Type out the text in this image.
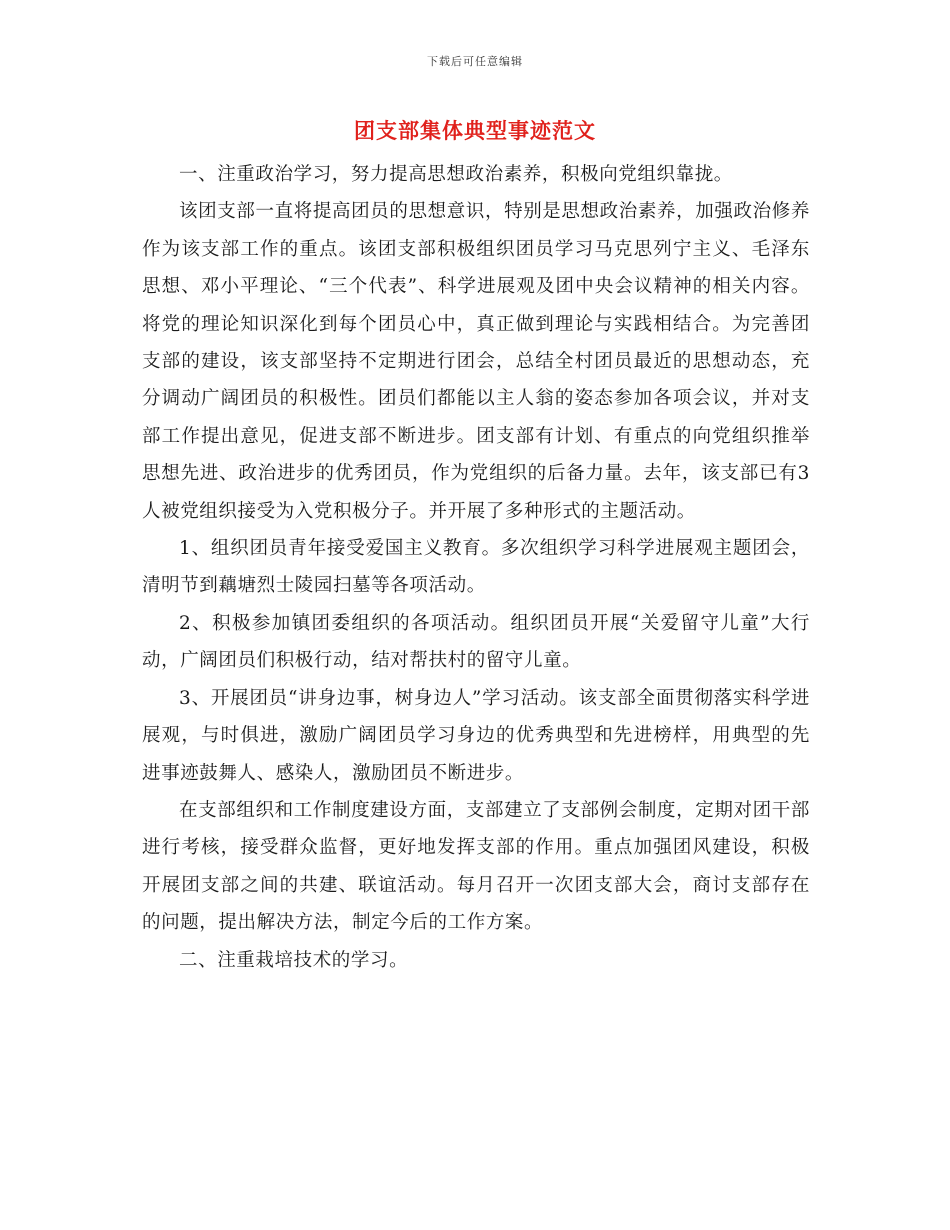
下载后可任意编辑
团支部集体典型事迹范文

一、注重政治学习，努力提高思想政治素养，积极向党组织靠拢。

该团支部一直将提高团员的思想意识，特别是思想政治素养，加强政治修养作为该支部工作的重点。该团支部积极组织团员学习马克思列宁主义、毛泽东思想、邓小平理论、“三个代表”、科学进展观及团中央会议精神的相关内容。将党的理论知识深化到每个团员心中，真正做到理论与实践相结合。为完善团支部的建设，该支部坚持不定期进行团会，总结全村团员最近的思想动态，充分调动广阔团员的积极性。团员们都能以主人翁的姿态参加各项会议，并对支部工作提出意见，促进支部不断进步。团支部有计划、有重点的向党组织推举思想先进、政治进步的优秀团员，作为党组织的后备力量。去年，该支部已有3人被党组织接受为入党积极分子。并开展了多种形式的主题活动。

1、组织团员青年接受爱国主义教育。多次组织学习科学进展观主题团会，清明节到藕塘烈士陵园扫墓等各项活动。

2、积极参加镇团委组织的各项活动。组织团员开展“关爱留守儿童”大行动，广阔团员们积极行动，结对帮扶村的留守儿童。

3、开展团员“讲身边事，树身边人”学习活动。该支部全面贯彻落实科学进展观，与时俱进，激励广阔团员学习身边的优秀典型和先进榜样，用典型的先进事迹鼓舞人、感染人，激励团员不断进步。

在支部组织和工作制度建设方面，支部建立了支部例会制度，定期对团干部进行考核，接受群众监督，更好地发挥支部的作用。重点加强团风建设，积极开展团支部之间的共建、联谊活动。每月召开一次团支部大会，商讨支部存在的问题，提出解决方法，制定今后的工作方案。

二、注重栽培技术的学习。
